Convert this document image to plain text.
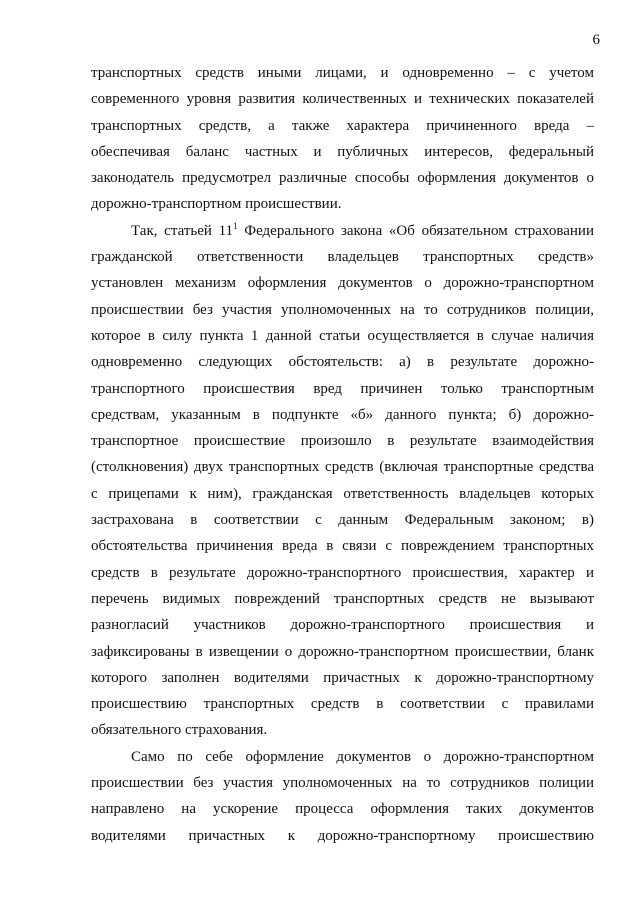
6
транспортных средств иными лицами, и одновременно – с учетом
современного уровня развития количественных и технических показателей
транспортных средств, а также характера причиненного вреда –
обеспечивая баланс частных и публичных интересов, федеральный
законодатель предусмотрел различные способы оформления документов о
дорожно-транспортном происшествии.
Так, статьей $11^1$ Федерального закона «Об обязательном страховании
гражданской ответственности владельцев транспортных средств»
установлен механизм оформления документов о дорожно-транспортном
происшествии без участия уполномоченных на то сотрудников полиции,
которое в силу пункта 1 данной статьи осуществляется в случае наличия
одновременно следующих обстоятельств: а) в результате дорожно-
транспортного происшествия вред причинен только транспортным
средствам, указанным в подпункте «б» данного пункта; б) дорожно-
транспортное происшествие произошло в результате взаимодействия
(столкновения) двух транспортных средств (включая транспортные средства
с прицепами к ним), гражданская ответственность владельцев которых
застрахована в соответствии с данным Федеральным законом; в)
обстоятельства причинения вреда в связи с повреждением транспортных
средств в результате дорожно-транспортного происшествия, характер и
перечень видимых повреждений транспортных средств не вызывают
разногласий участников дорожно-транспортного происшествия и
зафиксированы в извещении о дорожно-транспортном происшествии, бланк
которого заполнен водителями причастных к дорожно-транспортному
происшествию транспортных средств в соответствии с правилами
обязательного страхования.
Само по себе оформление документов о дорожно-транспортном
происшествии без участия уполномоченных на то сотрудников полиции
направлено на ускорение процесса оформления таких документов
водителями причастных к дорожно-транспортному происшествию
